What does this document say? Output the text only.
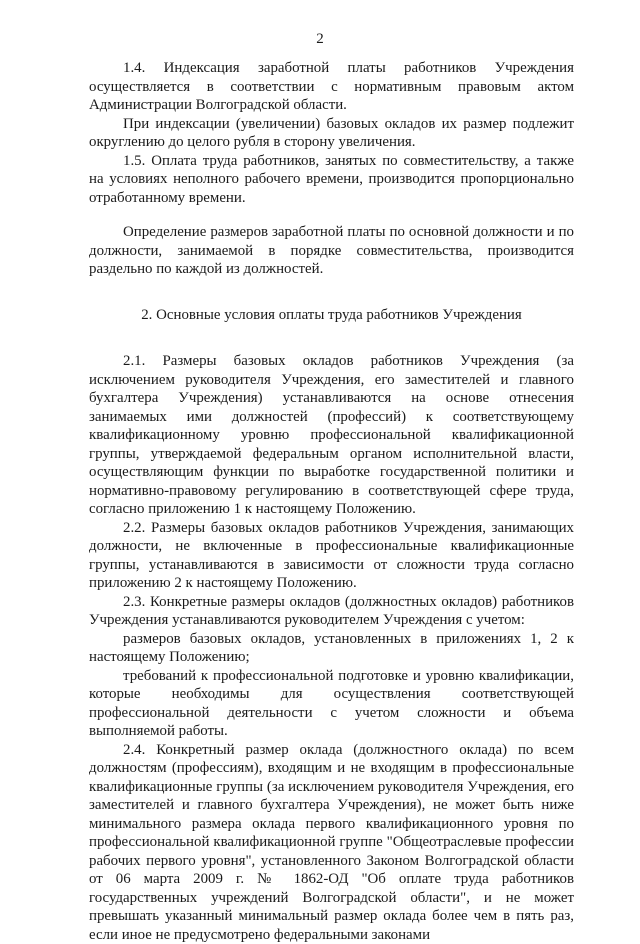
2

1.4. Индексация заработной платы работников Учреждения осуществляется в соответствии с нормативным правовым актом Администрации Волгоградской области.

При индексации (увеличении) базовых окладов их размер подлежит округлению до целого рубля в сторону увеличения.

1.5. Оплата труда работников, занятых по совместительству, а также на условиях неполного рабочего времени, производится пропорционально отработанному времени.

Определение размеров заработной платы по основной должности и по должности, занимаемой в порядке совместительства, производится раздельно по каждой из должностей.

2. Основные условия оплаты труда работников Учреждения

2.1. Размеры базовых окладов работников Учреждения (за исключением руководителя Учреждения, его заместителей и главного бухгалтера Учреждения) устанавливаются на основе отнесения занимаемых ими должностей (профессий) к соответствующему квалификационному уровню профессиональной квалификационной группы, утверждаемой федеральным органом исполнительной власти, осуществляющим функции по выработке государственной политики и нормативно-правовому регулированию в соответствующей сфере труда, согласно приложению 1 к настоящему Положению.

2.2. Размеры базовых окладов работников Учреждения, занимающих должности, не включенные в профессиональные квалификационные группы, устанавливаются в зависимости от сложности труда согласно приложению 2 к настоящему Положению.

2.3. Конкретные размеры окладов (должностных окладов) работников Учреждения устанавливаются руководителем Учреждения с учетом:

размеров базовых окладов, установленных в приложениях 1, 2 к настоящему Положению;

требований к профессиональной подготовке и уровню квалификации, которые необходимы для осуществления соответствующей профессиональной деятельности с учетом сложности и объема выполняемой работы.

2.4. Конкретный размер оклада (должностного оклада) по всем должностям (профессиям), входящим и не входящим в профессиональные квалификационные группы (за исключением руководителя Учреждения, его заместителей и главного бухгалтера Учреждения), не может быть ниже минимального размера оклада первого квалификационного уровня по профессиональной квалификационной группе "Общеотраслевые профессии рабочих первого уровня", установленного Законом Волгоградской области от 06 марта 2009 г. № 1862-ОД "Об оплате труда работников государственных учреждений Волгоградской области", и не может превышать указанный минимальный размер оклада более чем в пять раз, если иное не предусмотрено федеральными законами
